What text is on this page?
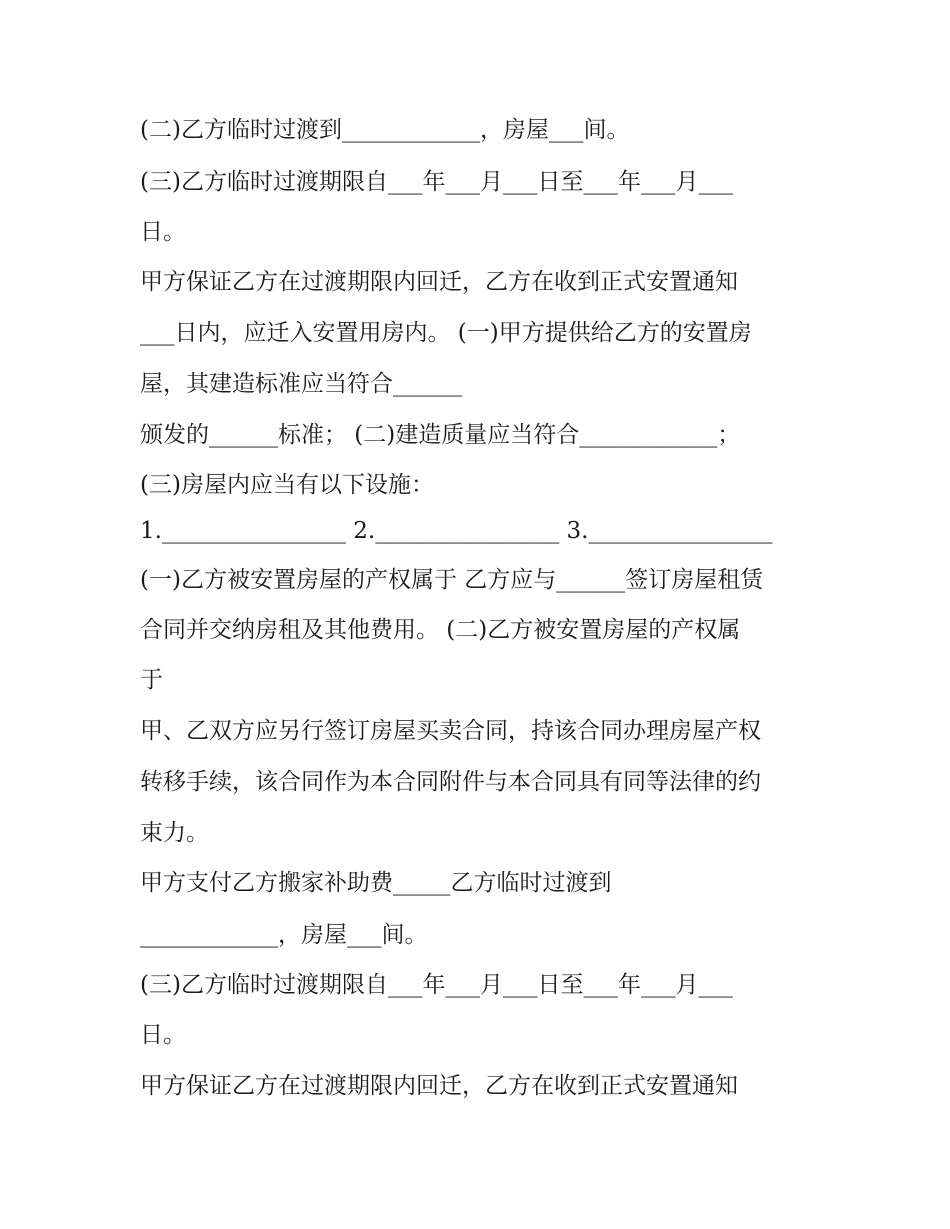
(二)乙方临时过渡到____________，房屋___间。
(三)乙方临时过渡期限自___年___月___日至___年___月___
日。
甲方保证乙方在过渡期限内回迁，乙方在收到正式安置通知
___日内，应迁入安置用房内。 (一)甲方提供给乙方的安置房
屋，其建造标准应当符合______
颁发的______标准； (二)建造质量应当符合____________；
(三)房屋内应当有以下设施：
1.________________ 2.________________ 3.________________
(一)乙方被安置房屋的产权属于 乙方应与______签订房屋租赁
合同并交纳房租及其他费用。 (二)乙方被安置房屋的产权属
于
甲、乙双方应另行签订房屋买卖合同，持该合同办理房屋产权
转移手续，该合同作为本合同附件与本合同具有同等法律的约
束力。
甲方支付乙方搬家补助费_____乙方临时过渡到
____________，房屋___间。
(三)乙方临时过渡期限自___年___月___日至___年___月___
日。
甲方保证乙方在过渡期限内回迁，乙方在收到正式安置通知
